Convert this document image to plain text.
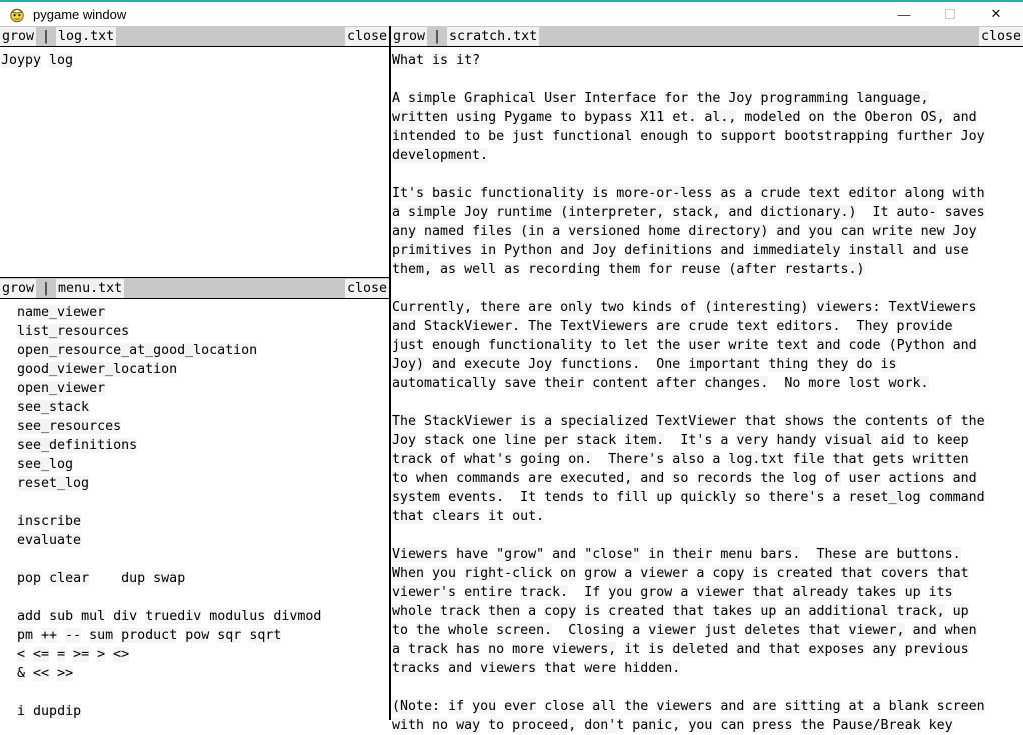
pygame window	—	✕
grow | log.txt	close
Joypy log
grow | menu.txt	close
name_viewer
list_resources
open_resource_at_good_location
good_viewer_location
open_viewer
see_stack
see_resources
see_definitions
see_log
reset_log

inscribe
evaluate

pop clear dup swap

add sub mul div truediv modulus divmod
pm ++ -- sum product pow sqr sqrt
< <= = >= > <>
& << >>

i dupdip
grow | scratch.txt	close
What is it?

A simple Graphical User Interface for the Joy programming language,
written using Pygame to bypass X11 et. al., modeled on the Oberon OS, and
intended to be just functional enough to support bootstrapping further Joy
development.

It's basic functionality is more-or-less as a crude text editor along with
a simple Joy runtime (interpreter, stack, and dictionary.) It auto- saves
any named files (in a versioned home directory) and you can write new Joy
primitives in Python and Joy definitions and immediately install and use
them, as well as recording them for reuse (after restarts.)

Currently, there are only two kinds of (interesting) viewers: TextViewers
and StackViewer. The TextViewers are crude text editors. They provide
just enough functionality to let the user write text and code (Python and
Joy) and execute Joy functions. One important thing they do is
automatically save their content after changes. No more lost work.

The StackViewer is a specialized TextViewer that shows the contents of the
Joy stack one line per stack item. It's a very handy visual aid to keep
track of what's going on. There's also a log.txt file that gets written
to when commands are executed, and so records the log of user actions and
system events. It tends to fill up quickly so there's a reset_log command
that clears it out.

Viewers have "grow" and "close" in their menu bars. These are buttons.
When you right-click on grow a viewer a copy is created that covers that
viewer's entire track. If you grow a viewer that already takes up its
whole track then a copy is created that takes up an additional track, up
to the whole screen. Closing a viewer just deletes that viewer, and when
a track has no more viewers, it is deleted and that exposes any previous
tracks and viewers that were hidden.

(Note: if you ever close all the viewers and are sitting at a blank screen
with no way to proceed, don't panic, you can press the Pause/Break key
